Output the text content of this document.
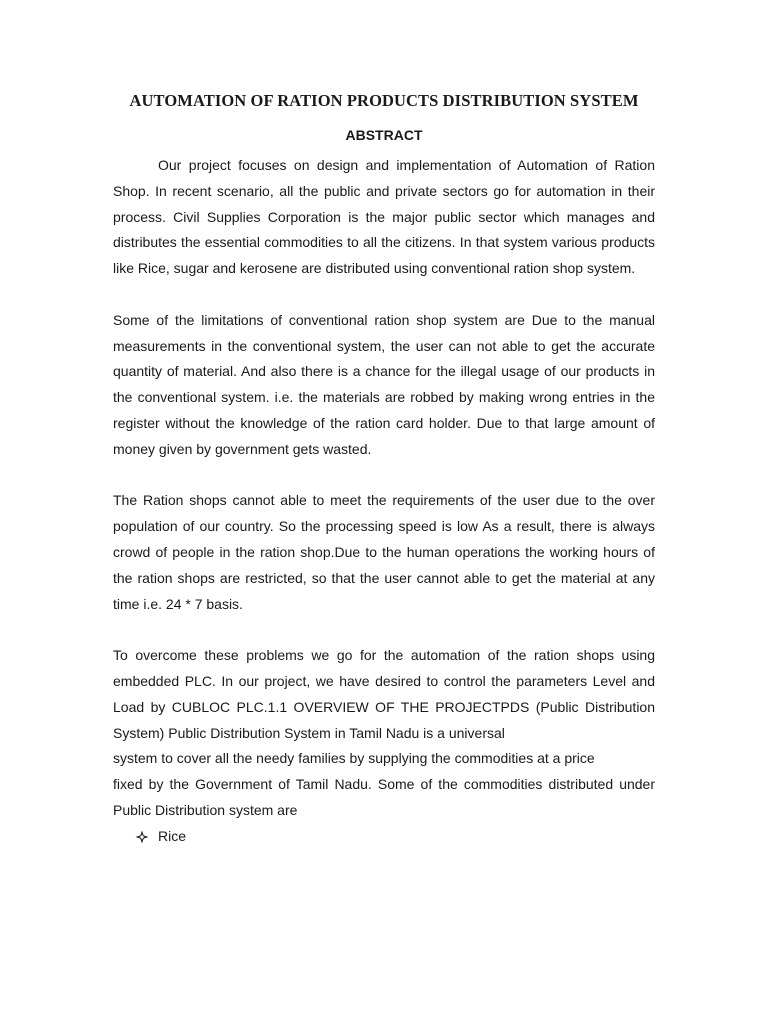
AUTOMATION OF RATION PRODUCTS DISTRIBUTION SYSTEM
ABSTRACT

Our project focuses on design and implementation of Automation of Ration Shop. In recent scenario, all the public and private sectors go for automation in their process. Civil Supplies Corporation is the major public sector which manages and distributes the essential commodities to all the citizens. In that system various products like Rice, sugar and kerosene are distributed using conventional ration shop system.

Some of the limitations of conventional ration shop system are Due to the manual measurements in the conventional system, the user can not able to get the accurate quantity of material. And also there is a chance for the illegal usage of our products in the conventional system. i.e. the materials are robbed by making wrong entries in the register without the knowledge of the ration card holder. Due to that large amount of money given by government gets wasted.

The Ration shops cannot able to meet the requirements of the user due to the over population of our country. So the processing speed is low As a result, there is always crowd of people in the ration shop.Due to the human operations the working hours of the ration shops are restricted, so that the user cannot able to get the material at any time i.e. 24 * 7 basis.

To overcome these problems we go for the automation of the ration shops using embedded PLC. In our project, we have desired to control the parameters Level and Load by CUBLOC PLC.1.1 OVERVIEW OF THE PROJECTPDS (Public Distribution System) Public Distribution System in Tamil Nadu is a universal

system to cover all the needy families by supplying the commodities at a price

fixed by the Government of Tamil Nadu. Some of the commodities distributed under Public Distribution system are

Rice
